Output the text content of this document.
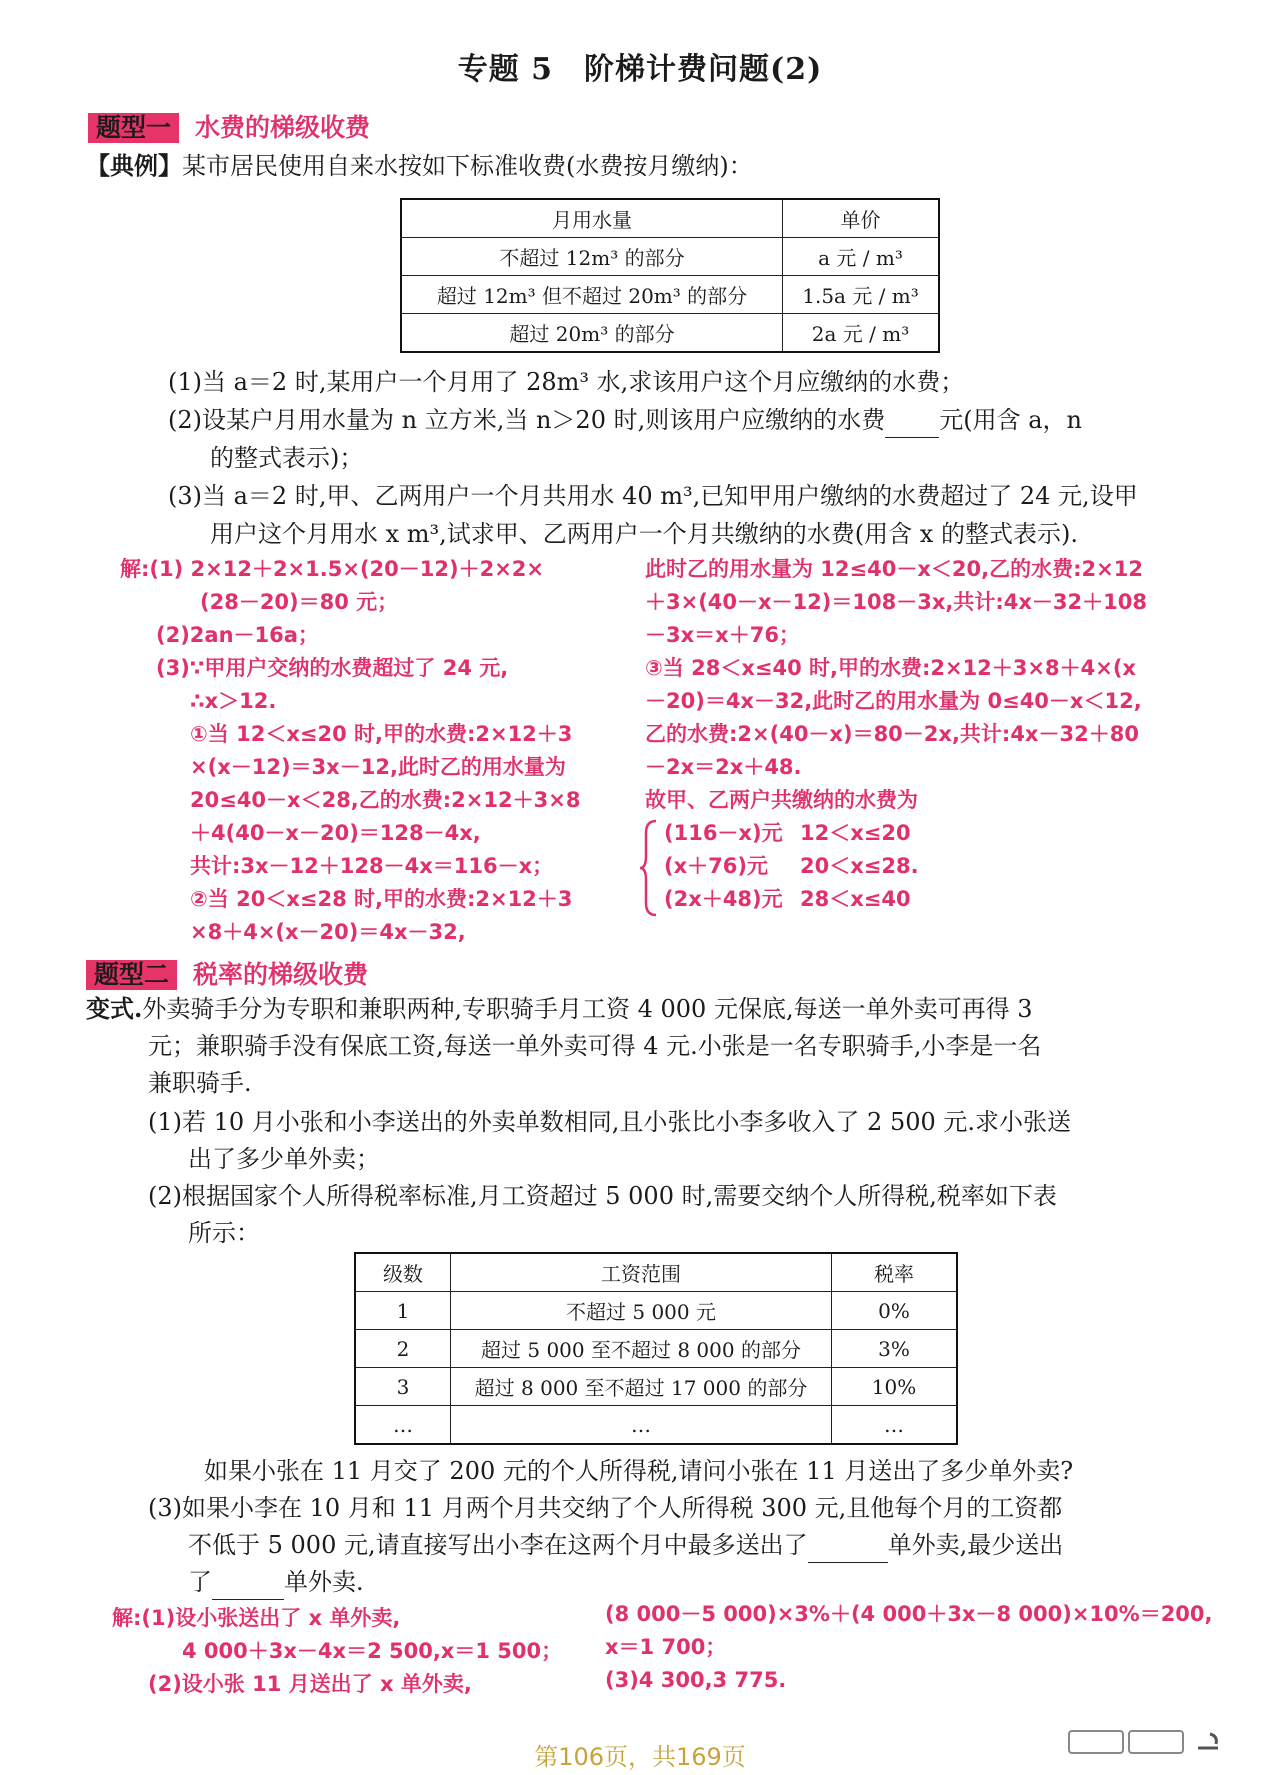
专题 5　阶梯计费问题(2)
题型一 水费的梯级收费
【典例】某市居民使用自来水按如下标准收费(水费按月缴纳)：
月用水量	单价
不超过 12m³ 的部分	a 元 / m³
超过 12m³ 但不超过 20m³ 的部分	1.5a 元 / m³
超过 20m³ 的部分	2a 元 / m³
(1)当 a＝2 时,某用户一个月用了 28m³ 水,求该用户这个月应缴纳的水费；
(2)设某户月用水量为 n 立方米,当 n＞20 时,则该用户应缴纳的水费 元(用含 a，n
的整式表示)；
(3)当 a＝2 时,甲、乙两用户一个月共用水 40 m³,已知甲用户缴纳的水费超过了 24 元,设甲
用户这个月用水 x m³,试求甲、乙两用户一个月共缴纳的水费(用含 x 的整式表示).
解:(1) 2×12＋2×1.5×(20－12)＋2×2×
(28－20)＝80 元；
(2)2an－16a；
(3)∵甲用户交纳的水费超过了 24 元,
∴x＞12.
①当 12＜x≤20 时,甲的水费:2×12＋3
×(x－12)＝3x－12,此时乙的用水量为
20≤40－x＜28,乙的水费:2×12＋3×8
＋4(40－x－20)＝128－4x,
共计:3x－12＋128－4x＝116－x；
②当 20＜x≤28 时,甲的水费:2×12＋3
×8＋4×(x－20)＝4x－32,
此时乙的用水量为 12≤40－x＜20,乙的水费:2×12
＋3×(40－x－12)＝108－3x,共计:4x－32＋108
－3x＝x＋76；
③当 28＜x≤40 时,甲的水费:2×12＋3×8＋4×(x
－20)＝4x－32,此时乙的用水量为 0≤40－x＜12,
乙的水费:2×(40－x)＝80－2x,共计:4x－32＋80
－2x＝2x＋48.
故甲、乙两户共缴纳的水费为
(116－x)元 12＜x≤20
(x＋76)元 20＜x≤28.
(2x＋48)元 28＜x≤40
题型二 税率的梯级收费
变式.外卖骑手分为专职和兼职两种,专职骑手月工资 4 000 元保底,每送一单外卖可再得 3
元；兼职骑手没有保底工资,每送一单外卖可得 4 元.小张是一名专职骑手,小李是一名
兼职骑手.
(1)若 10 月小张和小李送出的外卖单数相同,且小张比小李多收入了 2 500 元.求小张送
出了多少单外卖；
(2)根据国家个人所得税率标准,月工资超过 5 000 时,需要交纳个人所得税,税率如下表
所示：
级数	工资范围	税率
1	不超过 5 000 元	0%
2	超过 5 000 至不超过 8 000 的部分	3%
3	超过 8 000 至不超过 17 000 的部分	10%
…	…	…
如果小张在 11 月交了 200 元的个人所得税,请问小张在 11 月送出了多少单外卖?
(3)如果小李在 10 月和 11 月两个月共交纳了个人所得税 300 元,且他每个月的工资都
不低于 5 000 元,请直接写出小李在这两个月中最多送出了	单外卖,最少送出
了	单外卖.
解:(1)设小张送出了 x 单外卖,
4 000＋3x－4x＝2 500,x＝1 500；
(2)设小张 11 月送出了 x 单外卖,
(8 000－5 000)×3%＋(4 000＋3x－8 000)×10%＝200,
x＝1 700；
(3)4 300,3 775.
第106页，共169页
